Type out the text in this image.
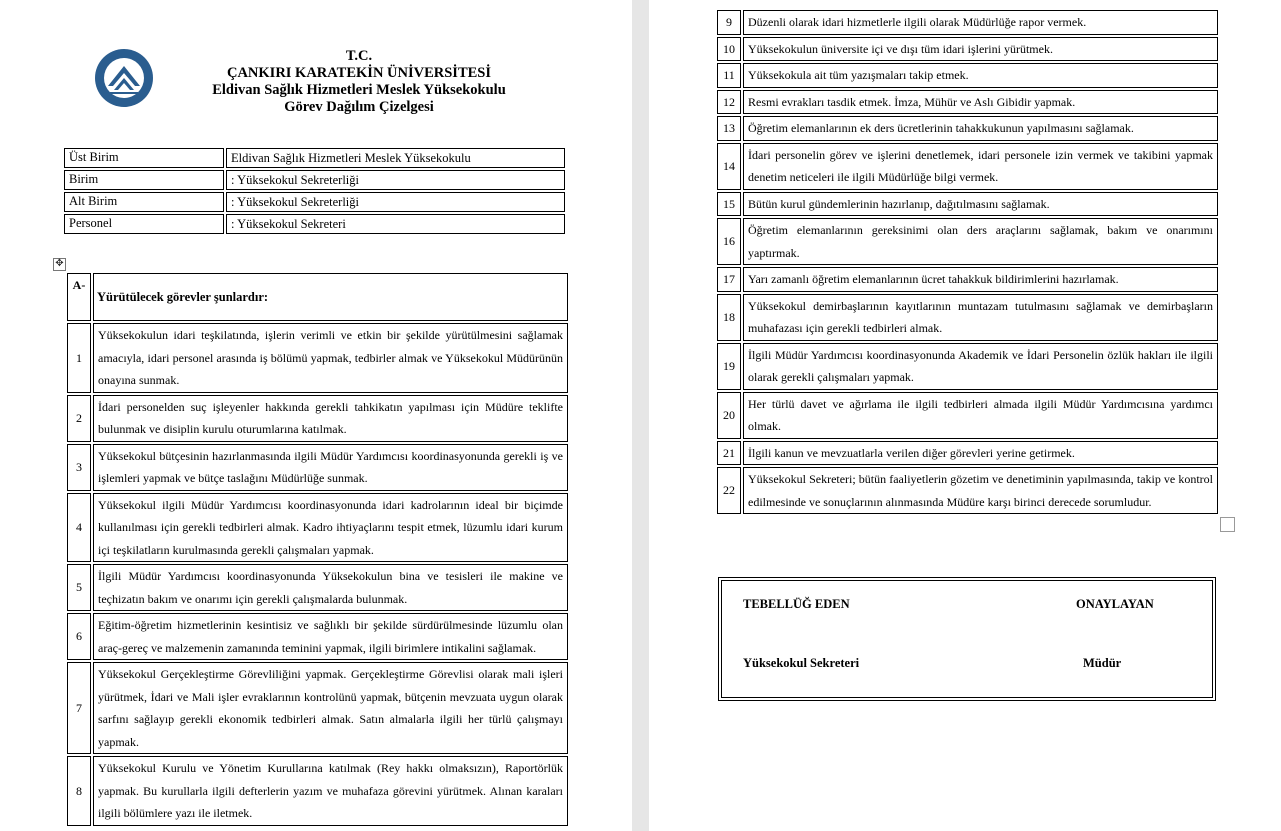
T.C.
ÇANKIRI KARATEKİN ÜNİVERSİTESİ
Eldivan Sağlık Hizmetleri Meslek Yüksekokulu
Görev Dağılım Çizelgesi
Üst Birim	Eldivan Sağlık Hizmetleri Meslek Yüksekokulu
Birim	: Yüksekokul Sekreterliği
Alt Birim	: Yüksekokul Sekreterliği
Personel	: Yüksekokul Sekreteri
✥
A-	Yürütülecek görevler şunlardır:
1	Yüksekokulun idari teşkilatında, işlerin verimli ve etkin bir şekilde yürütülmesini sağlamak amacıyla, idari personel arasında iş bölümü yapmak, tedbirler almak ve Yüksekokul Müdürünün onayına sunmak.
2	İdari personelden suç işleyenler hakkında gerekli tahkikatın yapılması için Müdüre teklifte bulunmak ve disiplin kurulu oturumlarına katılmak.
3	Yüksekokul bütçesinin hazırlanmasında ilgili Müdür Yardımcısı koordinasyonunda gerekli iş ve işlemleri yapmak ve bütçe taslağını Müdürlüğe sunmak.
4	Yüksekokul ilgili Müdür Yardımcısı koordinasyonunda idari kadrolarının ideal bir biçimde kullanılması için gerekli tedbirleri almak. Kadro ihtiyaçlarını tespit etmek, lüzumlu idari kurum içi teşkilatların kurulmasında gerekli çalışmaları yapmak.
5	İlgili Müdür Yardımcısı koordinasyonunda Yüksekokulun bina ve tesisleri ile makine ve teçhizatın bakım ve onarımı için gerekli çalışmalarda bulunmak.
6	Eğitim-öğretim hizmetlerinin kesintisiz ve sağlıklı bir şekilde sürdürülmesinde lüzumlu olan araç-gereç ve malzemenin zamanında teminini yapmak, ilgili birimlere intikalini sağlamak.
7	Yüksekokul Gerçekleştirme Görevliliğini yapmak. Gerçekleştirme Görevlisi olarak mali işleri yürütmek, İdari ve Mali işler evraklarının kontrolünü yapmak, bütçenin mevzuata uygun olarak sarfını sağlayıp gerekli ekonomik tedbirleri almak. Satın almalarla ilgili her türlü çalışmayı yapmak.
8	Yüksekokul Kurulu ve Yönetim Kurullarına katılmak (Rey hakkı olmaksızın), Raportörlük yapmak. Bu kurullarla ilgili defterlerin yazım ve muhafaza görevini yürütmek. Alınan karaları ilgili bölümlere yazı ile iletmek.
9	Düzenli olarak idari hizmetlerle ilgili olarak Müdürlüğe rapor vermek.
10	Yüksekokulun üniversite içi ve dışı tüm idari işlerini yürütmek.
11	Yüksekokula ait tüm yazışmaları takip etmek.
12	Resmi evrakları tasdik etmek. İmza, Mühür ve Aslı Gibidir yapmak.
13	Öğretim elemanlarının ek ders ücretlerinin tahakkukunun yapılmasını sağlamak.
14	İdari personelin görev ve işlerini denetlemek, idari personele izin vermek ve takibini yapmak denetim neticeleri ile ilgili Müdürlüğe bilgi vermek.
15	Bütün kurul gündemlerinin hazırlanıp, dağıtılmasını sağlamak.
16	Öğretim elemanlarının gereksinimi olan ders araçlarını sağlamak, bakım ve onarımını yaptırmak.
17	Yarı zamanlı öğretim elemanlarının ücret tahakkuk bildirimlerini hazırlamak.
18	Yüksekokul demirbaşlarının kayıtlarının muntazam tutulmasını sağlamak ve demirbaşların muhafazası için gerekli tedbirleri almak.
19	İlgili Müdür Yardımcısı koordinasyonunda Akademik ve İdari Personelin özlük hakları ile ilgili olarak gerekli çalışmaları yapmak.
20	Her türlü davet ve ağırlama ile ilgili tedbirleri almada ilgili Müdür Yardımcısına yardımcı olmak.
21	İlgili kanun ve mevzuatlarla verilen diğer görevleri yerine getirmek.
22	Yüksekokul Sekreteri; bütün faaliyetlerin gözetim ve denetiminin yapılmasında, takip ve kontrol edilmesinde ve sonuçlarının alınmasında Müdüre karşı birinci derecede sorumludur.
TEBELLÜĞ EDEN	ONAYLAYAN
Yüksekokul Sekreteri	Müdür
